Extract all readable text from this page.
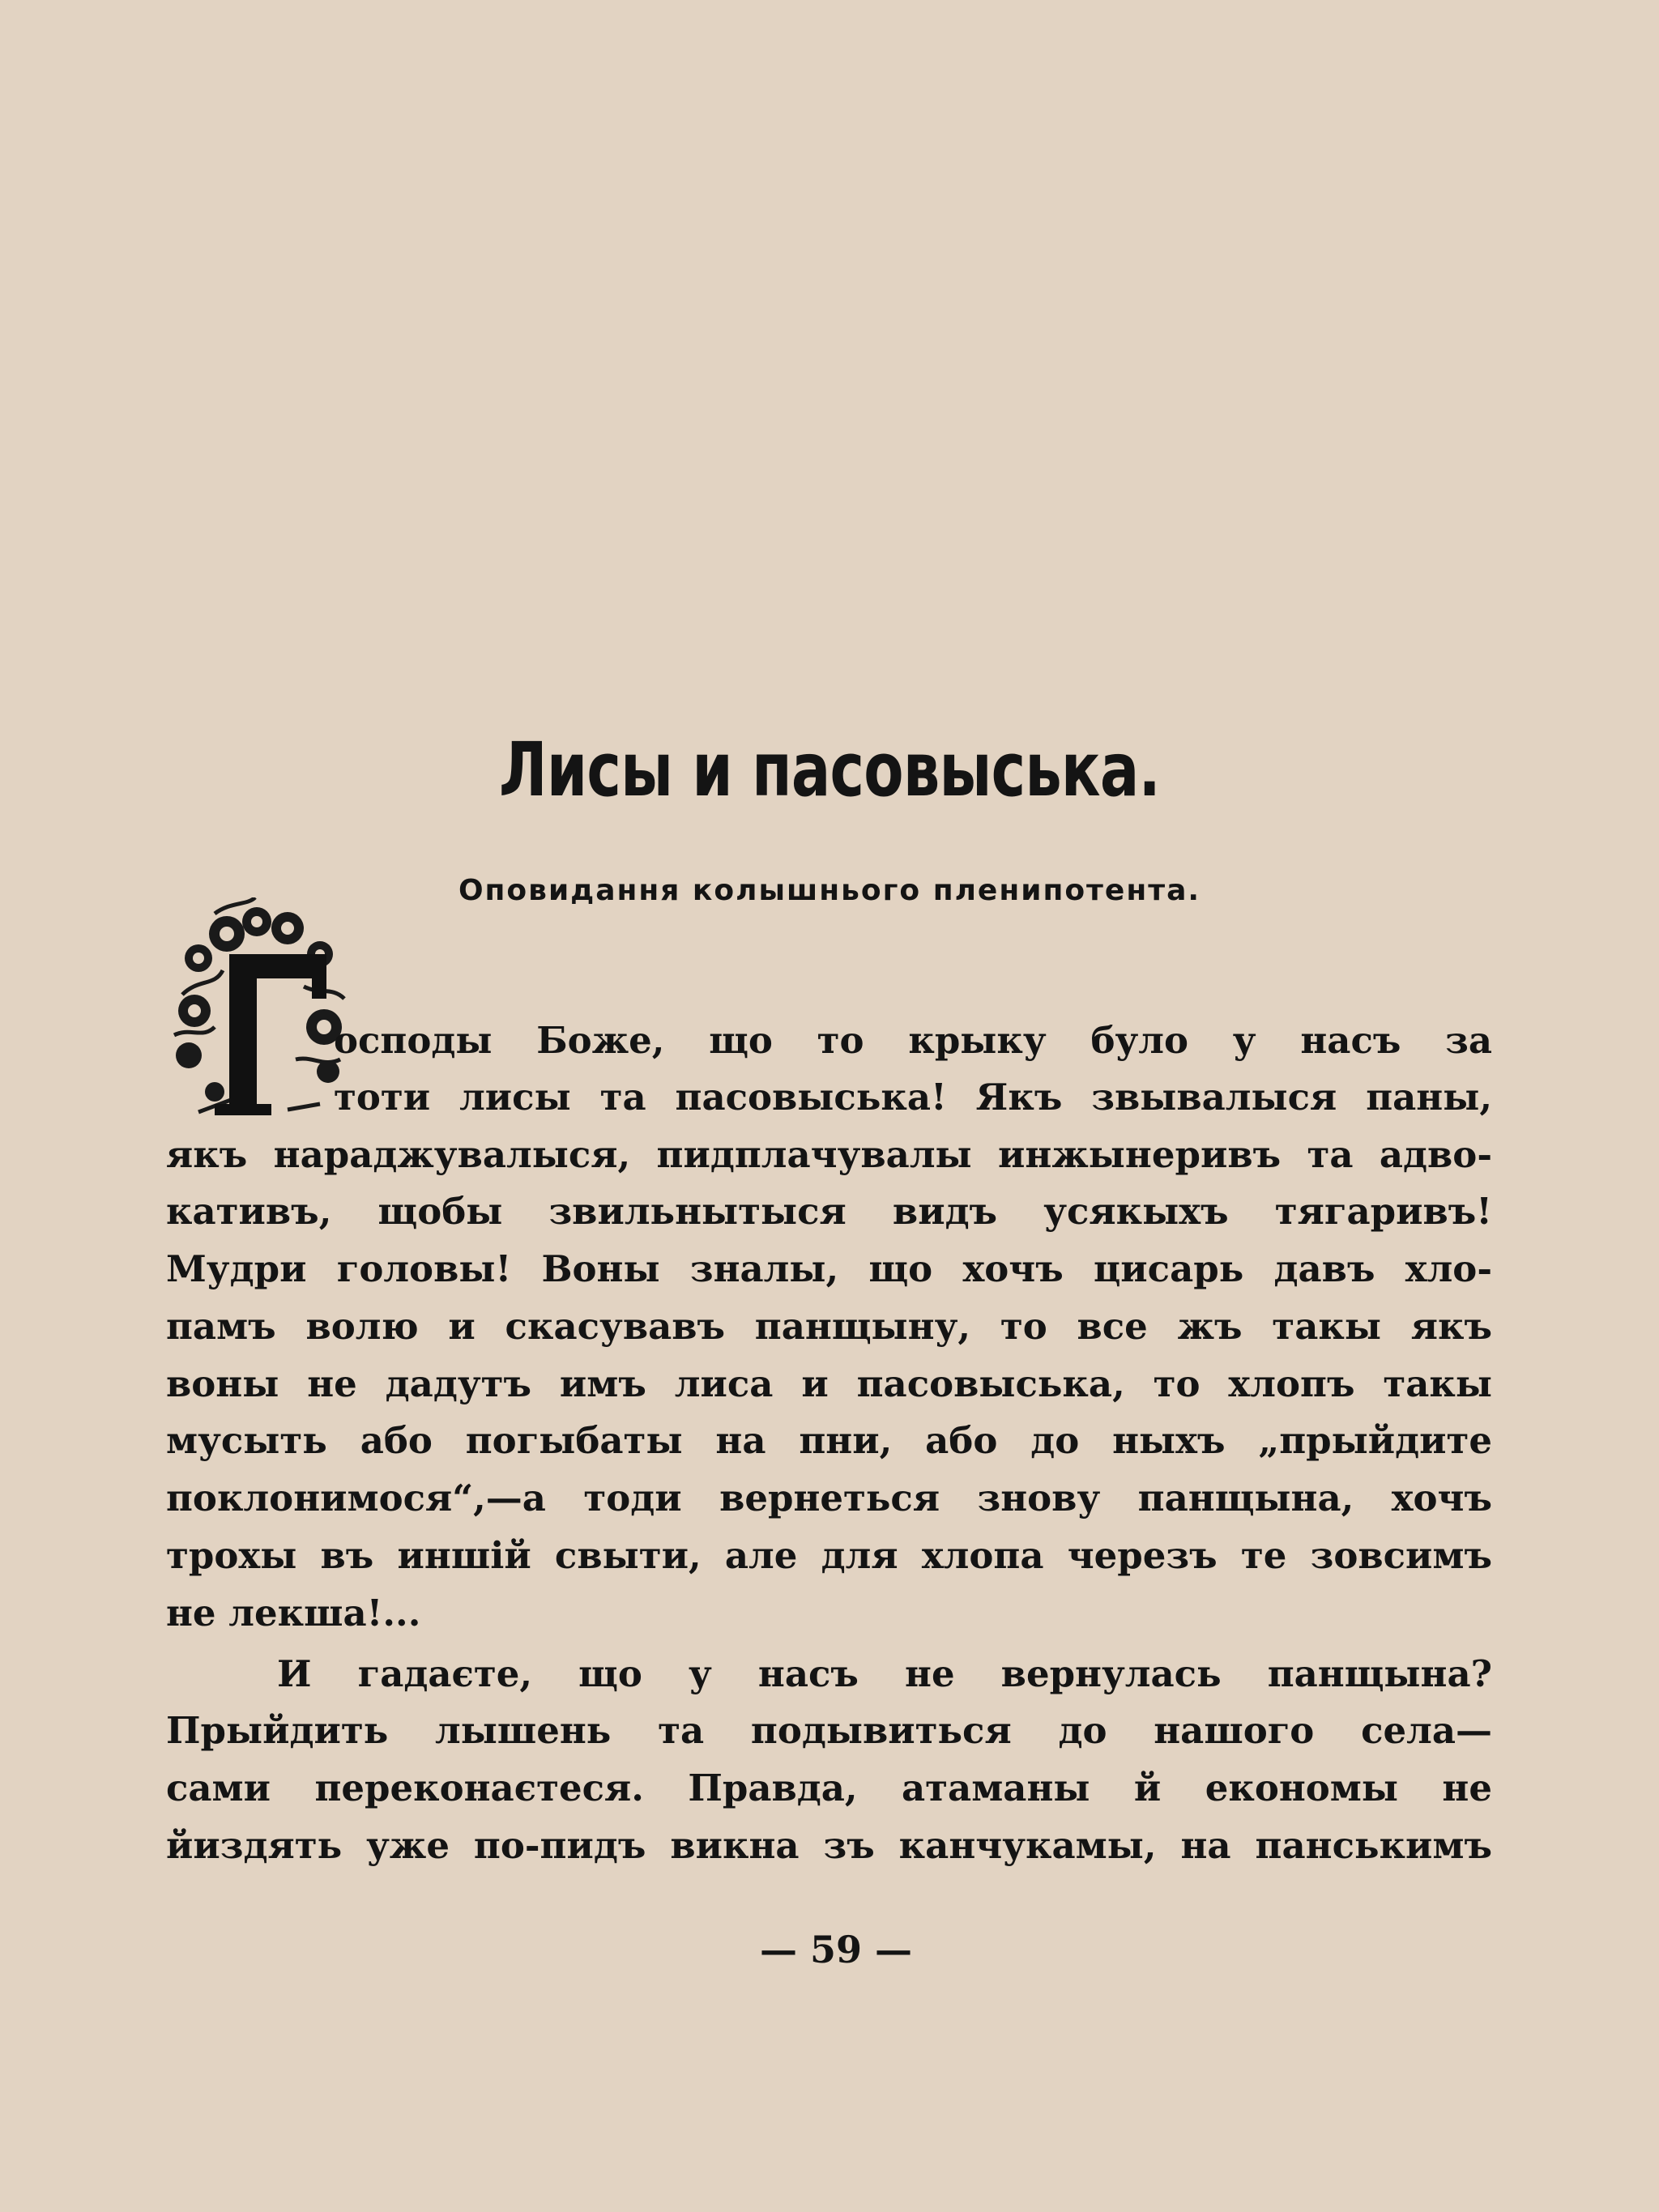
Лисы и пасовыська.
Оповидання колышнього пленипотента.
осподы Боже, що то крыку було у насъ за
тоти лисы та пасовыська! Якъ звывалыся паны,
якъ нараджувалыся, пидплачувалы инжынеривъ та адво-
кативъ, щобы звильнытыся видъ усякыхъ тягаривъ!
Мудри головы! Воны зналы, що хочъ цисарь давъ хло-
памъ волю и скасувавъ панщыну, то все жъ такы якъ
воны не дадутъ имъ лиса и пасовыська, то хлопъ такы
мусыть або погыбаты на пни, або до ныхъ „прыйдите
поклонимося“,—а тоди вернеться знову панщына, хочъ
трохы въ иншій свыти, але для хлопа черезъ те зовсимъ
не лекша!...
И гадаєте, що у насъ не вернулась панщына?
Прыйдить лышень та подывиться до нашого села—
сами переконаєтеся. Правда, атаманы й економы не
йиздять уже по-пидъ викна зъ канчукамы, на панськимъ
— 59 —
